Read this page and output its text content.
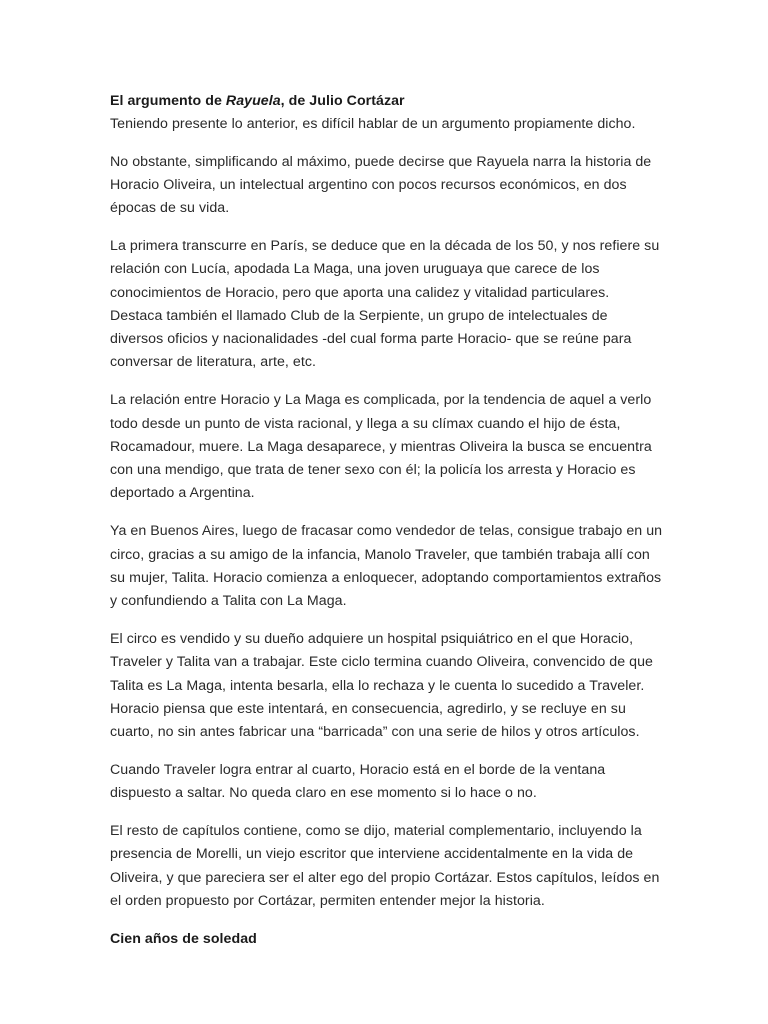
El argumento de Rayuela, de Julio Cortázar
Teniendo presente lo anterior, es difícil hablar de un argumento propiamente dicho.

No obstante, simplificando al máximo, puede decirse que Rayuela narra la historia de
Horacio Oliveira, un intelectual argentino con pocos recursos económicos, en dos
épocas de su vida.

La primera transcurre en París, se deduce que en la década de los 50, y nos refiere su
relación con Lucía, apodada La Maga, una joven uruguaya que carece de los
conocimientos de Horacio, pero que aporta una calidez y vitalidad particulares.
Destaca también el llamado Club de la Serpiente, un grupo de intelectuales de
diversos oficios y nacionalidades -del cual forma parte Horacio- que se reúne para
conversar de literatura, arte, etc.

La relación entre Horacio y La Maga es complicada, por la tendencia de aquel a verlo
todo desde un punto de vista racional, y llega a su clímax cuando el hijo de ésta,
Rocamadour, muere. La Maga desaparece, y mientras Oliveira la busca se encuentra
con una mendigo, que trata de tener sexo con él; la policía los arresta y Horacio es
deportado a Argentina.

Ya en Buenos Aires, luego de fracasar como vendedor de telas, consigue trabajo en un
circo, gracias a su amigo de la infancia, Manolo Traveler, que también trabaja allí con
su mujer, Talita. Horacio comienza a enloquecer, adoptando comportamientos extraños
y confundiendo a Talita con La Maga.

El circo es vendido y su dueño adquiere un hospital psiquiátrico en el que Horacio,
Traveler y Talita van a trabajar. Este ciclo termina cuando Oliveira, convencido de que
Talita es La Maga, intenta besarla, ella lo rechaza y le cuenta lo sucedido a Traveler.
Horacio piensa que este intentará, en consecuencia, agredirlo, y se recluye en su
cuarto, no sin antes fabricar una “barricada” con una serie de hilos y otros artículos.

Cuando Traveler logra entrar al cuarto, Horacio está en el borde de la ventana
dispuesto a saltar. No queda claro en ese momento si lo hace o no.

El resto de capítulos contiene, como se dijo, material complementario, incluyendo la
presencia de Morelli, un viejo escritor que interviene accidentalmente en la vida de
Oliveira, y que pareciera ser el alter ego del propio Cortázar. Estos capítulos, leídos en
el orden propuesto por Cortázar, permiten entender mejor la historia.

Cien años de soledad
